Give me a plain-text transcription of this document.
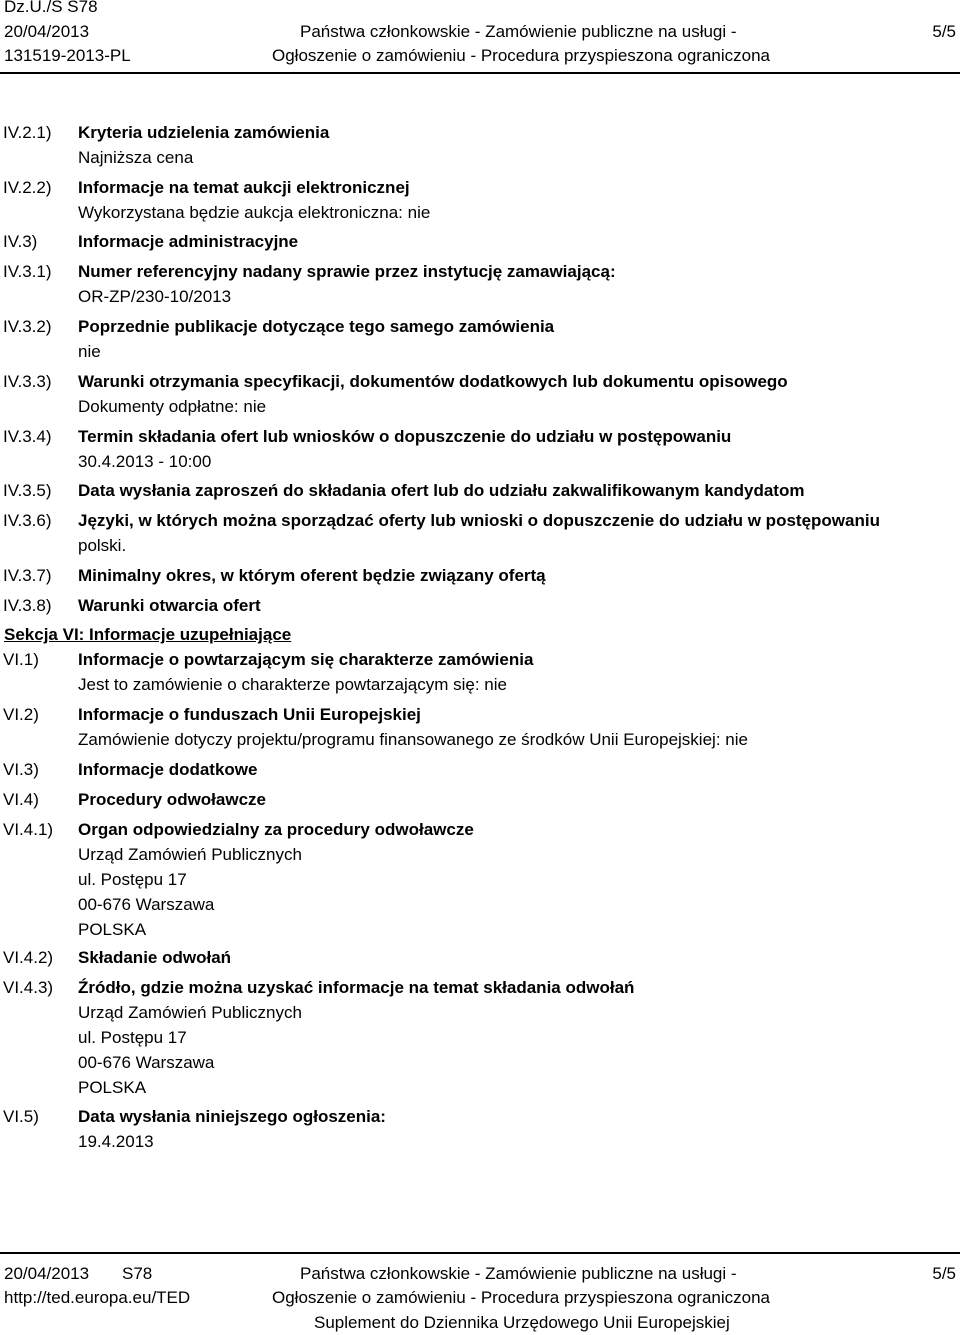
Dz.U./S S78
20/04/2013
131519-2013-PL
Państwa członkowskie - Zamówienie publiczne na usługi -
Ogłoszenie o zamówieniu - Procedura przyspieszona ograniczona
5/5
IV.2.1) Kryteria udzielenia zamówienia
Najniższa cena
IV.2.2) Informacje na temat aukcji elektronicznej
Wykorzystana będzie aukcja elektroniczna: nie
IV.3) Informacje administracyjne
IV.3.1) Numer referencyjny nadany sprawie przez instytucję zamawiającą:
OR-ZP/230-10/2013
IV.3.2) Poprzednie publikacje dotyczące tego samego zamówienia
nie
IV.3.3) Warunki otrzymania specyfikacji, dokumentów dodatkowych lub dokumentu opisowego
Dokumenty odpłatne: nie
IV.3.4) Termin składania ofert lub wniosków o dopuszczenie do udziału w postępowaniu
30.4.2013 - 10:00
IV.3.5) Data wysłania zaproszeń do składania ofert lub do udziału zakwalifikowanym kandydatom
IV.3.6) Języki, w których można sporządzać oferty lub wnioski o dopuszczenie do udziału w postępowaniu
polski.
IV.3.7) Minimalny okres, w którym oferent będzie związany ofertą
IV.3.8) Warunki otwarcia ofert
Sekcja VI: Informacje uzupełniające
VI.1) Informacje o powtarzającym się charakterze zamówienia
Jest to zamówienie o charakterze powtarzającym się: nie
VI.2) Informacje o funduszach Unii Europejskiej
Zamówienie dotyczy projektu/programu finansowanego ze środków Unii Europejskiej: nie
VI.3) Informacje dodatkowe
VI.4) Procedury odwoławcze
VI.4.1) Organ odpowiedzialny za procedury odwoławcze
Urząd Zamówień Publicznych
ul. Postępu 17
00-676 Warszawa
POLSKA
VI.4.2) Składanie odwołań
VI.4.3) Źródło, gdzie można uzyskać informacje na temat składania odwołań
Urząd Zamówień Publicznych
ul. Postępu 17
00-676 Warszawa
POLSKA
VI.5) Data wysłania niniejszego ogłoszenia:
19.4.2013
20/04/2013 S78
http://ted.europa.eu/TED
Państwa członkowskie - Zamówienie publiczne na usługi -
Ogłoszenie o zamówieniu - Procedura przyspieszona ograniczona
Suplement do Dziennika Urzędowego Unii Europejskiej
5/5
